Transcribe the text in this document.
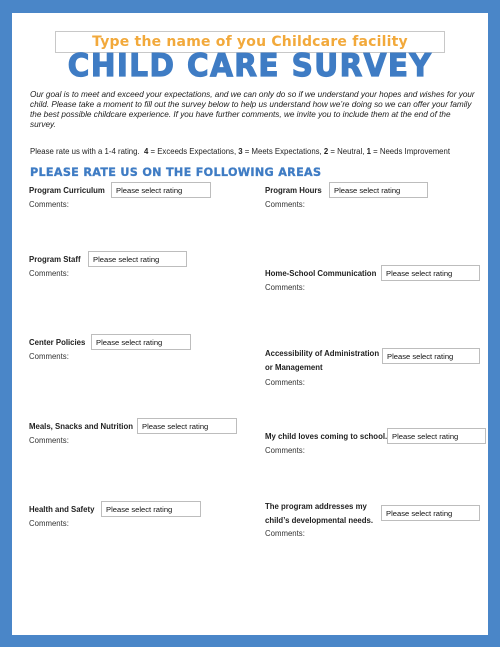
Type the name of you Childcare facility
CHILD CARE SURVEY
Our goal is to meet and exceed your expectations, and we can only do so if we understand your hopes and wishes for your child. Please take a moment to fill out the survey below to help us understand how we’re doing so we can offer your family the best possible childcare experience. If you have further comments, we invite you to include them at the end of the survey.
Please rate us with a 1-4 rating. 4 = Exceeds Expectations, 3 = Meets Expectations, 2 = Neutral, 1 = Needs Improvement
PLEASE RATE US ON THE FOLLOWING AREAS
Program Curriculum	Please select rating
Comments:
Program Staff	Please select rating
Comments:
Center Policies	Please select rating
Comments:
Meals, Snacks and Nutrition	Please select rating
Comments:
Health and Safety	Please select rating
Comments:
Program Hours	Please select rating
Comments:
Home-School Communication	Please select rating
Comments:
Accessibility of Administration
or Management
Please select rating
Comments:
My child loves coming to school. Please select rating
Comments:
The program addresses my
child’s developmental needs.
Please select rating
Comments:
